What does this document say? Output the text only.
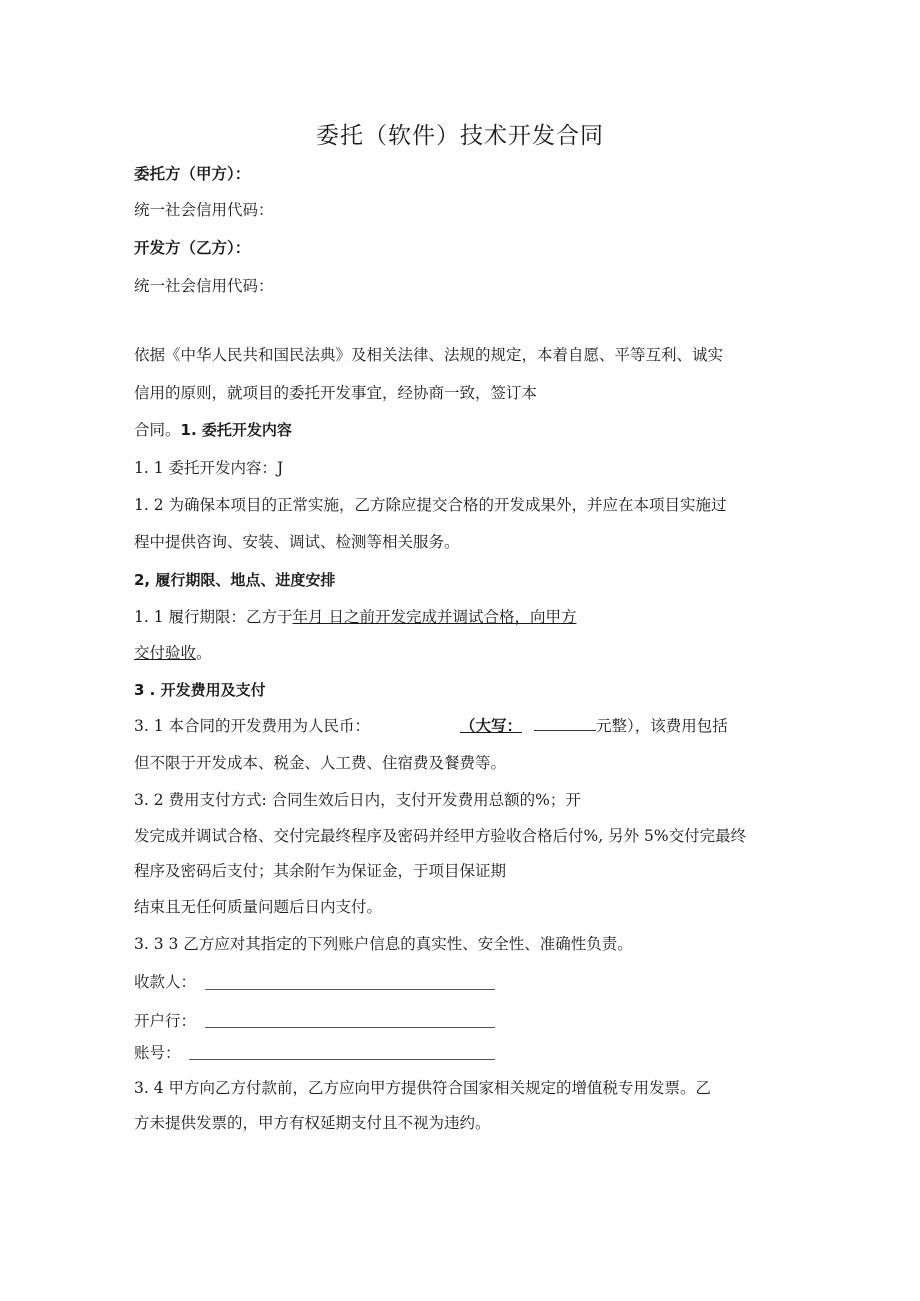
委托（软件）技术开发合同
委托方（甲方）：
统一社会信用代码：
开发方（乙方）：
统一社会信用代码：
依据《中华人民共和国民法典》及相关法律、法规的规定，本着自愿、平等互利、诚实
信用的原则，就项目的委托开发事宜，经协商一致，签订本
合同。1. 委托开发内容
1. 1 委托开发内容：J
1. 2 为确保本项目的正常实施，乙方除应提交合格的开发成果外，并应在本项目实施过
程中提供咨询、安装、调试、检测等相关服务。
2, 履行期限、地点、进度安排
1. 1 履行期限：乙方于年月 日之前开发完成并调试合格，向甲方
交付验收。
3 . 开发费用及支付
3. 1 本合同的开发费用为人民币：	（大写：	元整），该费用包括
但不限于开发成本、税金、人工费、住宿费及餐费等。
3. 2 费用支付方式: 合同生效后日内，支付开发费用总额的%；开
发完成并调试合格、交付完最终程序及密码并经甲方验收合格后付%, 另外 5%交付完最终
程序及密码后支付；其余附乍为保证金，于项目保证期
结束且无任何质量问题后日内支付。
3. 3 3 乙方应对其指定的下列账户信息的真实性、安全性、准确性负责。
收款人：
开户行：
账号：
3. 4 甲方向乙方付款前，乙方应向甲方提供符合国家相关规定的增值税专用发票。乙
方未提供发票的，甲方有权延期支付且不视为违约。
